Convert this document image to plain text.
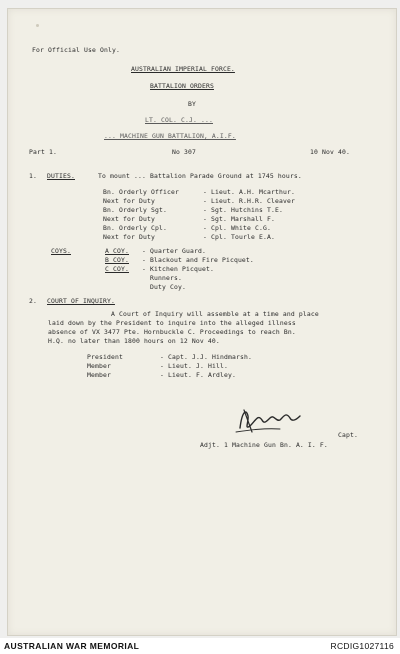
For Official Use Only.
AUSTRALIAN IMPERIAL FORCE.
BATTALION ORDERS
BY
LT. COL. C.J. ...
... MACHINE GUN BATTALION, A.I.F.
Part 1.	No 307	10 Nov 40.
1. DUTIES.	To mount ... Battalion Parade Ground at 1745 hours.
Bn. Orderly Officer	- Lieut. A.H. Mcarthur.
Next for Duty	- Lieut. R.H.R. Cleaver
Bn. Orderly Sgt.	- Sgt. Hutchins T.E.
Next for Duty	- Sgt. Marshall F.
Bn. Orderly Cpl.	- Cpl. White C.G.
Next for Duty	- Cpl. Tourle E.A.
COYS.	A COY. - Quarter Guard.
B COY. - Blackout and Fire Picquet.
C COY. - Kitchen Picquet.
Runners.
Duty Coy.
2. COURT OF INQUIRY.
A Court of Inquiry will assemble at a time and place
laid down by the President to inquire into the alleged illness
absence of VX 3477 Pte. Hornbuckle C. Proceedings to reach Bn.
H.Q. no later than 1800 hours on 12 Nov 40.
President	- Capt. J.J. Hindmarsh.
Member	- Lieut. J. Hill.
Member	- Lieut. F. Ardley.
Capt.
Adjt. 1 Machine Gun Bn. A. I. F.
AUSTRALIAN WAR MEMORIAL	RCDIG1027116
